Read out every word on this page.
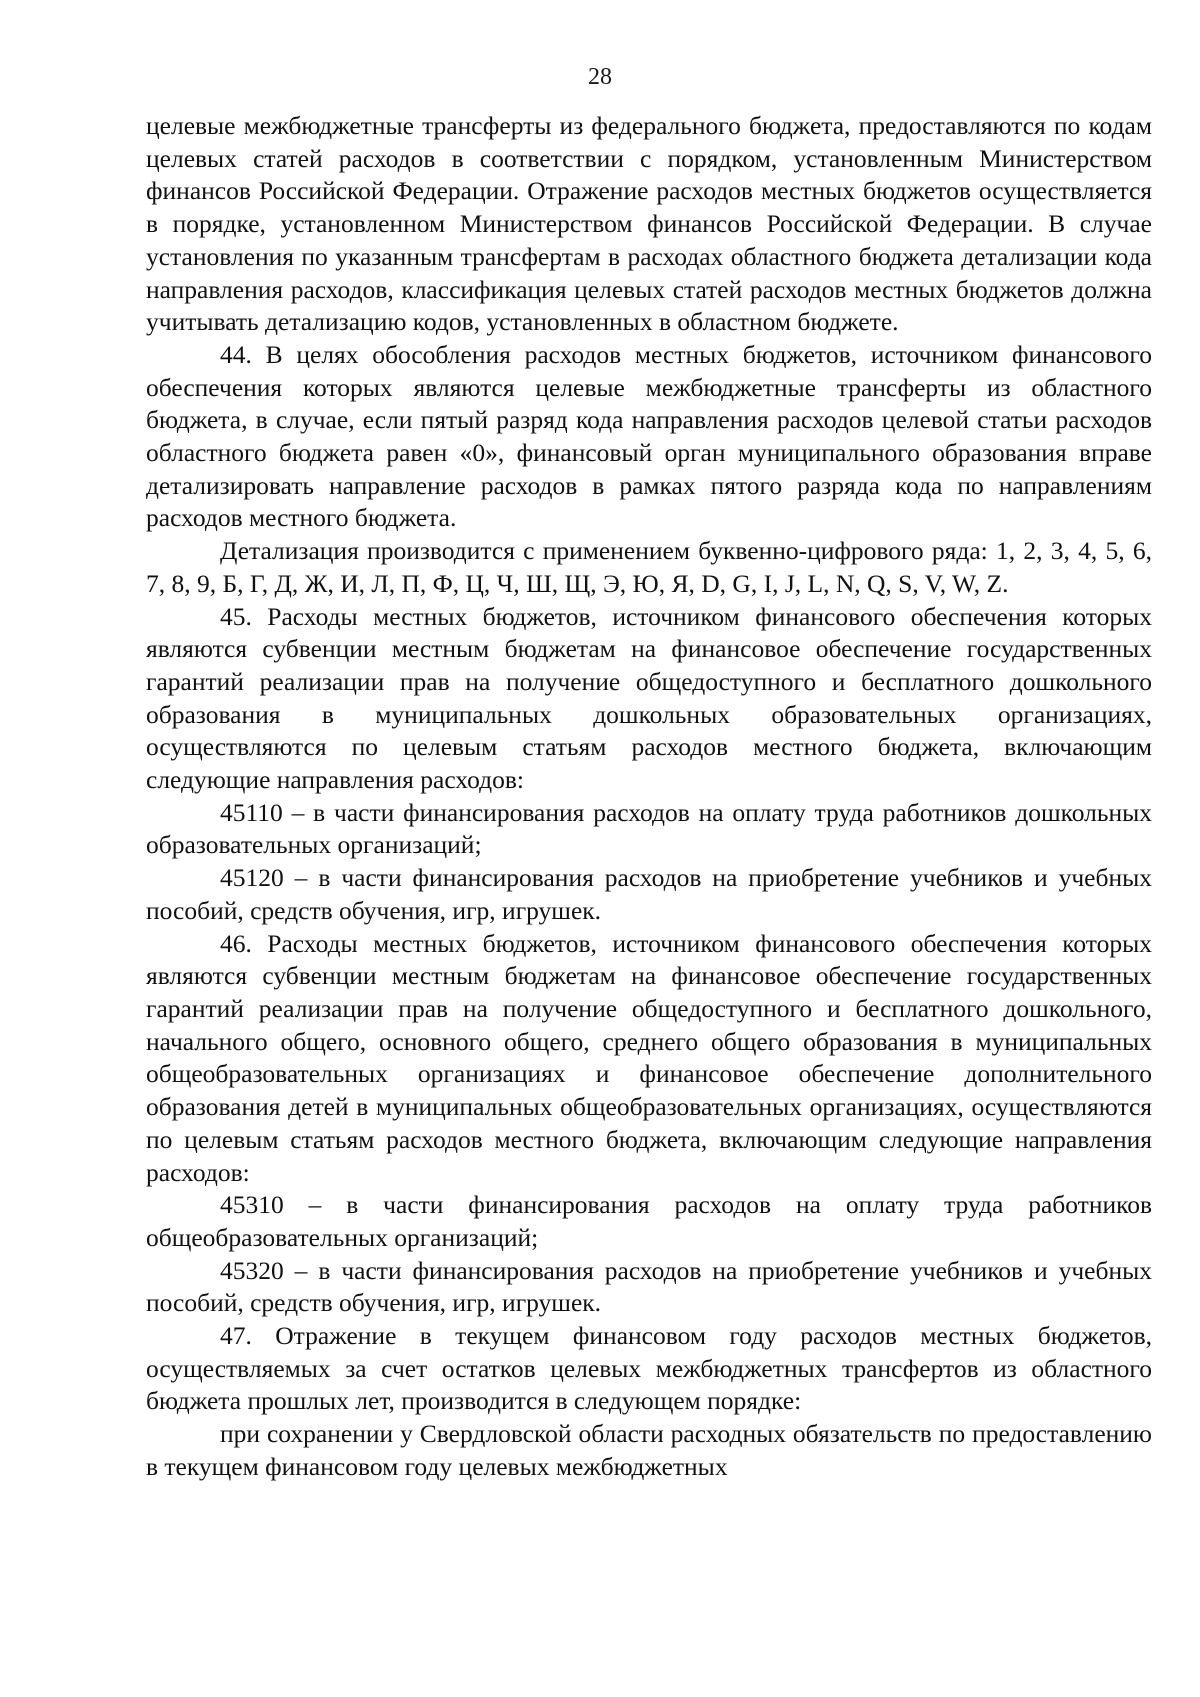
28

целевые межбюджетные трансферты из федерального бюджета, предоставляются по кодам целевых статей расходов в соответствии с порядком, установленным Министерством финансов Российской Федерации. Отражение расходов местных бюджетов осуществляется в порядке, установленном Министерством финансов Российской Федерации. В случае установления по указанным трансфертам в расходах областного бюджета детализации кода направления расходов, классификация целевых статей расходов местных бюджетов должна учитывать детализацию кодов, установленных в областном бюджете.

44. В целях обособления расходов местных бюджетов, источником финансового обеспечения которых являются целевые межбюджетные трансферты из областного бюджета, в случае, если пятый разряд кода направления расходов целевой статьи расходов областного бюджета равен «0», финансовый орган муниципального образования вправе детализировать направление расходов в рамках пятого разряда кода по направлениям расходов местного бюджета.

Детализация производится с применением буквенно-цифрового ряда: 1, 2, 3, 4, 5, 6, 7, 8, 9, Б, Г, Д, Ж, И, Л, П, Ф, Ц, Ч, Ш, Щ, Э, Ю, Я, D, G, I, J, L, N, Q, S, V, W, Z.

45. Расходы местных бюджетов, источником финансового обеспечения которых являются субвенции местным бюджетам на финансовое обеспечение государственных гарантий реализации прав на получение общедоступного и бесплатного дошкольного образования в муниципальных дошкольных образовательных организациях, осуществляются по целевым статьям расходов местного бюджета, включающим следующие направления расходов:

45110 – в части финансирования расходов на оплату труда работников дошкольных образовательных организаций;

45120 – в части финансирования расходов на приобретение учебников и учебных пособий, средств обучения, игр, игрушек.

46. Расходы местных бюджетов, источником финансового обеспечения которых являются субвенции местным бюджетам на финансовое обеспечение государственных гарантий реализации прав на получение общедоступного и бесплатного дошкольного, начального общего, основного общего, среднего общего образования в муниципальных общеобразовательных организациях и финансовое обеспечение дополнительного образования детей в муниципальных общеобразовательных организациях, осуществляются по целевым статьям расходов местного бюджета, включающим следующие направления расходов:

45310 – в части финансирования расходов на оплату труда работников общеобразовательных организаций;

45320 – в части финансирования расходов на приобретение учебников и учебных пособий, средств обучения, игр, игрушек.

47. Отражение в текущем финансовом году расходов местных бюджетов, осуществляемых за счет остатков целевых межбюджетных трансфертов из областного бюджета прошлых лет, производится в следующем порядке:

при сохранении у Свердловской области расходных обязательств по предоставлению в текущем финансовом году целевых межбюджетных
